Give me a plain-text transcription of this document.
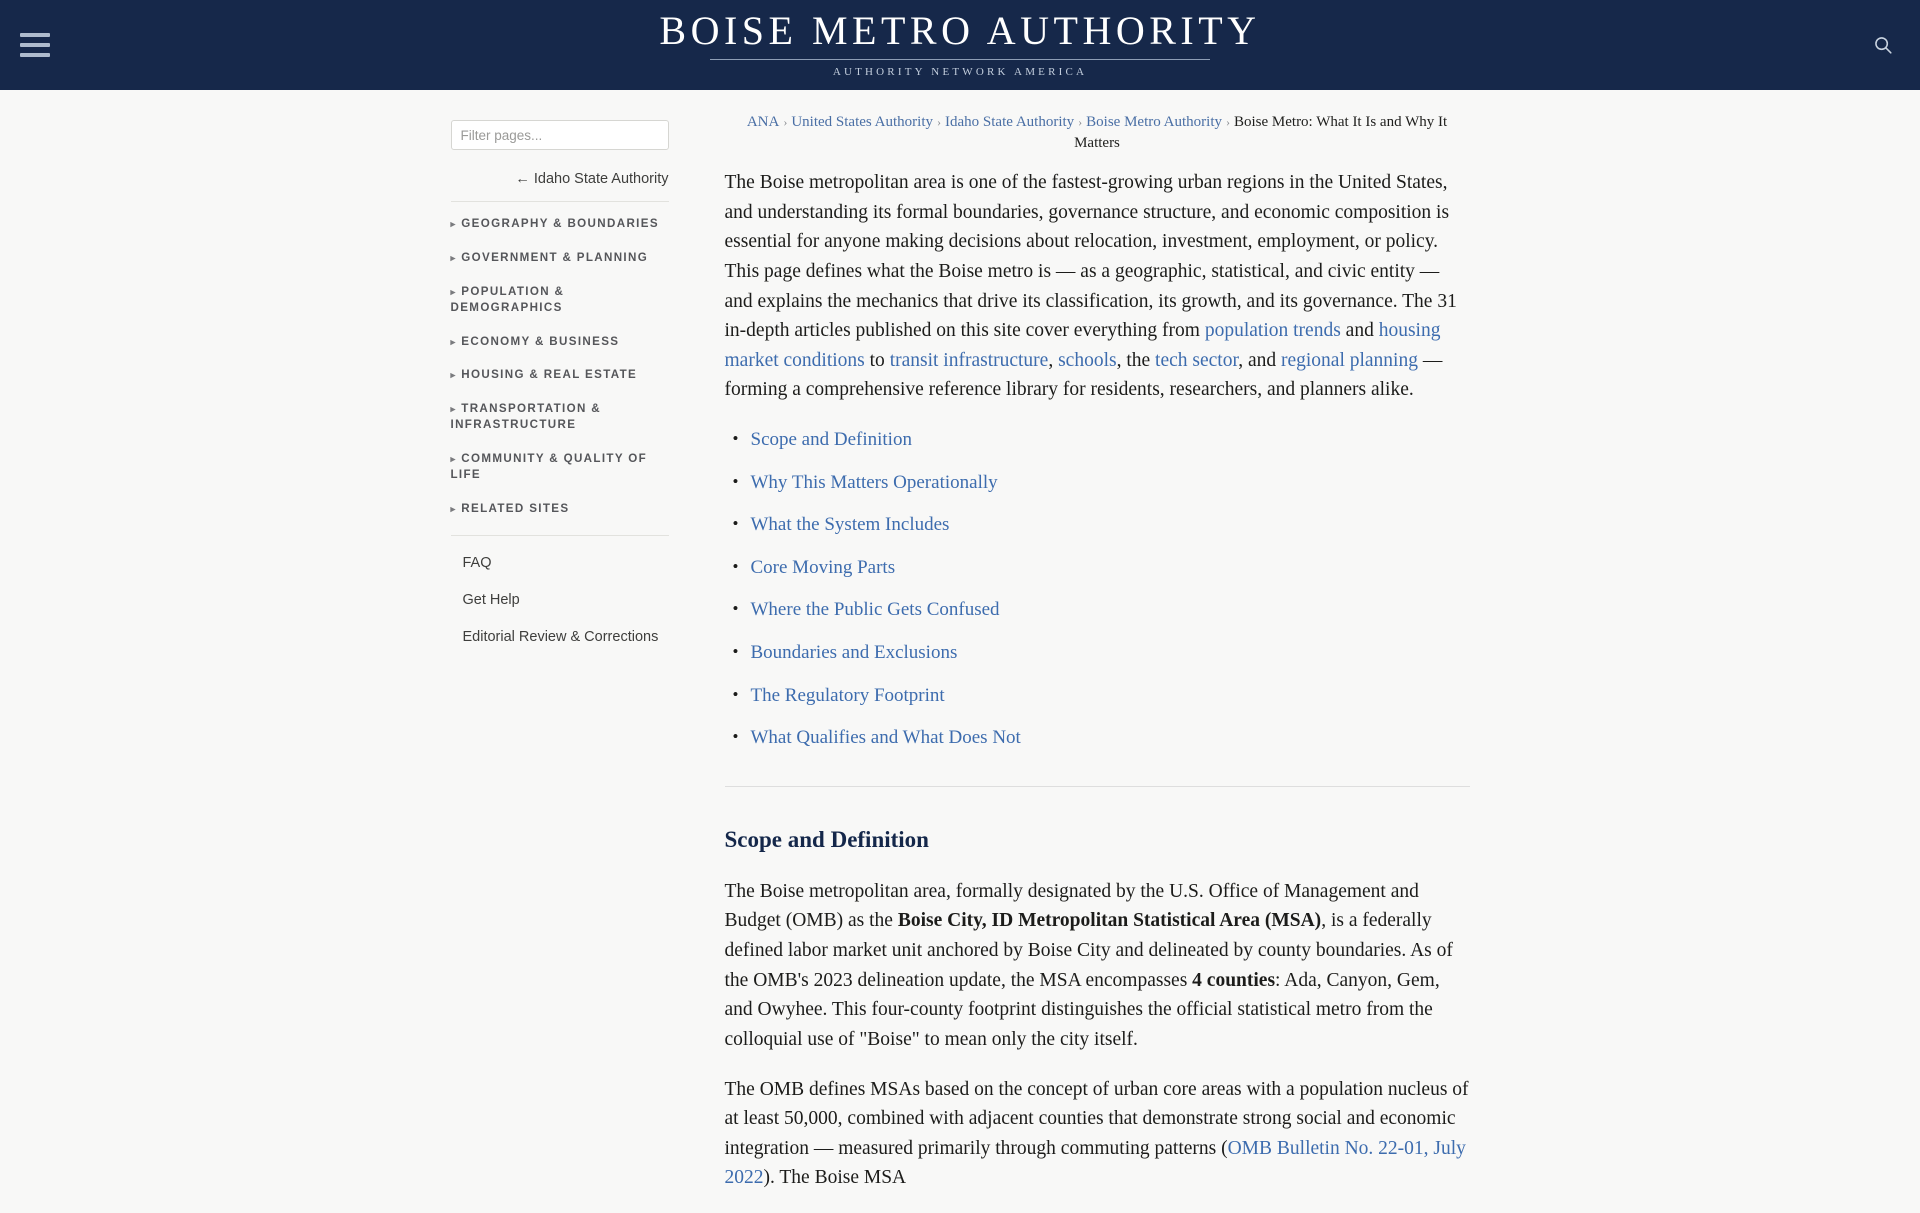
BOISE METRO AUTHORITY
AUTHORITY NETWORK AMERICA
Filter pages...
← Idaho State Authority
▸ GEOGRAPHY & BOUNDARIES
▸ GOVERNMENT & PLANNING
▸ POPULATION & DEMOGRAPHICS
▸ ECONOMY & BUSINESS
▸ HOUSING & REAL ESTATE
▸ TRANSPORTATION & INFRASTRUCTURE
▸ COMMUNITY & QUALITY OF LIFE
▸ RELATED SITES
FAQ
Get Help
Editorial Review & Corrections
ANA › United States Authority › Idaho State Authority › Boise Metro Authority › Boise Metro: What It Is and Why It Matters

The Boise metropolitan area is one of the fastest-growing urban regions in the United States, and understanding its formal boundaries, governance structure, and economic composition is essential for anyone making decisions about relocation, investment, employment, or policy. This page defines what the Boise metro is — as a geographic, statistical, and civic entity — and explains the mechanics that drive its classification, its growth, and its governance. The 31 in-depth articles published on this site cover everything from population trends and housing market conditions to transit infrastructure, schools, the tech sector, and regional planning — forming a comprehensive reference library for residents, researchers, and planners alike.

• Scope and Definition
• Why This Matters Operationally
• What the System Includes
• Core Moving Parts
• Where the Public Gets Confused
• Boundaries and Exclusions
• The Regulatory Footprint
• What Qualifies and What Does Not
Scope and Definition

The Boise metropolitan area, formally designated by the U.S. Office of Management and Budget (OMB) as the Boise City, ID Metropolitan Statistical Area (MSA), is a federally defined labor market unit anchored by Boise City and delineated by county boundaries. As of the OMB's 2023 delineation update, the MSA encompasses 4 counties: Ada, Canyon, Gem, and Owyhee. This four-county footprint distinguishes the official statistical metro from the colloquial use of "Boise" to mean only the city itself.

The OMB defines MSAs based on the concept of urban core areas with a population nucleus of at least 50,000, combined with adjacent counties that demonstrate strong social and economic integration — measured primarily through commuting patterns (OMB Bulletin No. 22-01, July 2022). The Boise MSA
